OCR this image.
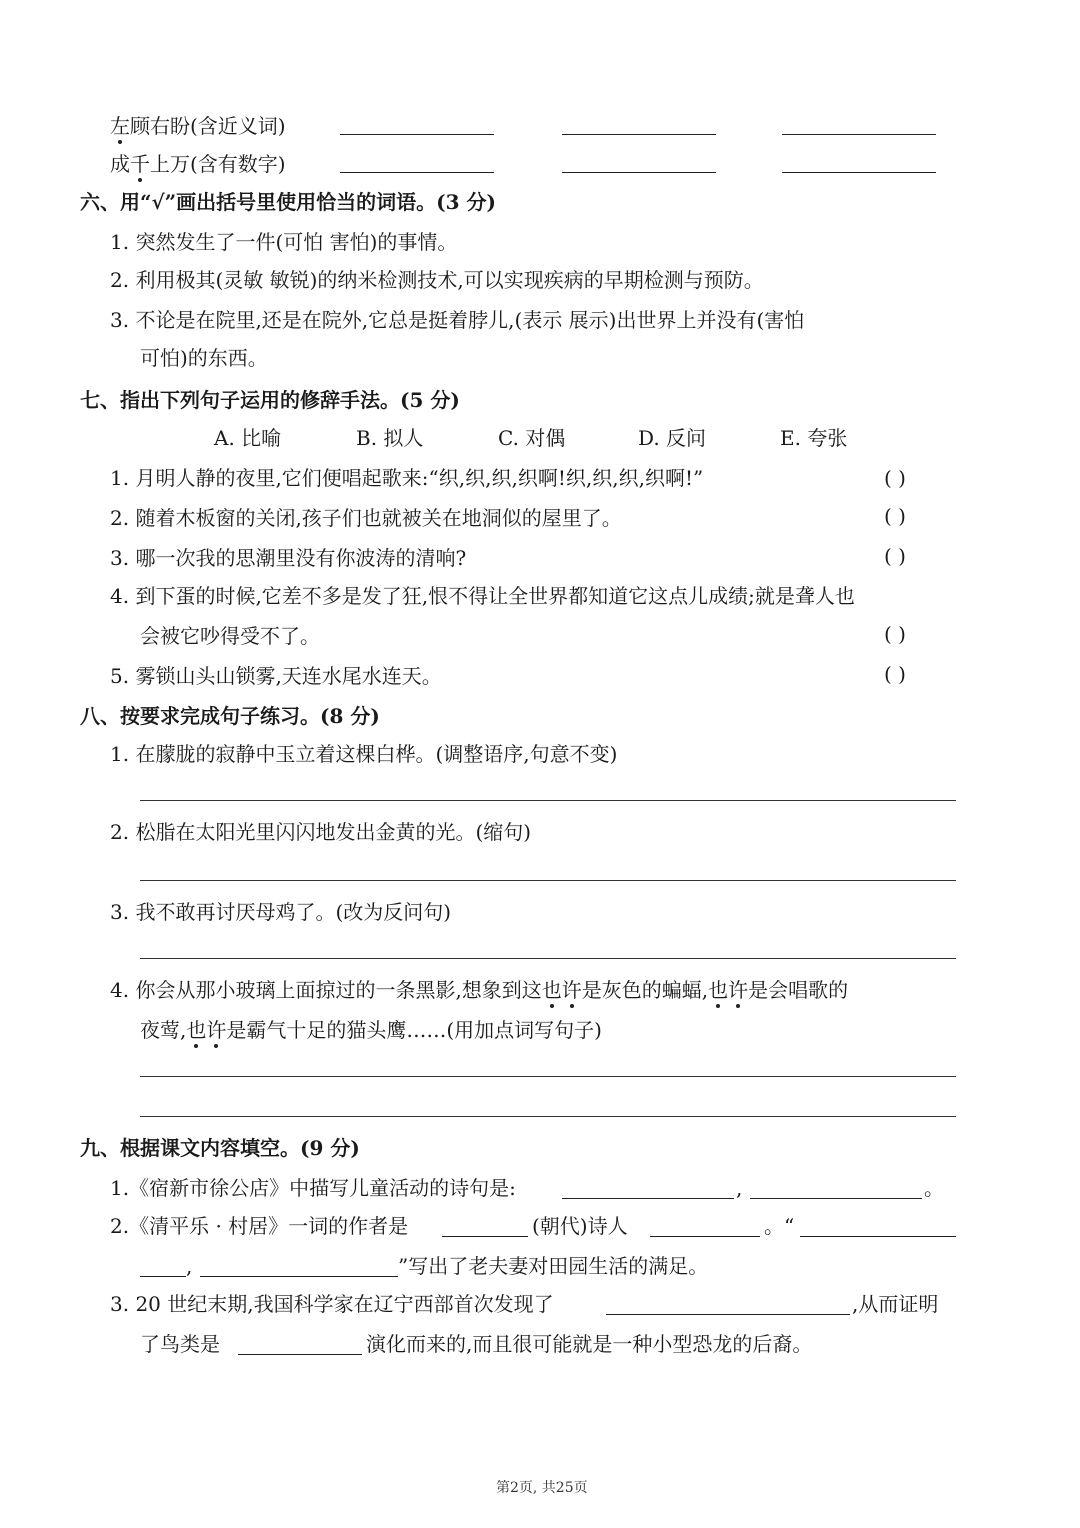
左顾右盼(含近义词)
成千上万(含有数字)
六、用“√”画出括号里使用恰当的词语。(3 分)
1. 突然发生了一件(可怕 害怕)的事情。
2. 利用极其(灵敏 敏锐)的纳米检测技术,可以实现疾病的早期检测与预防。
3. 不论是在院里,还是在院外,它总是挺着脖儿,(表示 展示)出世界上并没有(害怕
可怕)的东西。
七、指出下列句子运用的修辞手法。(5 分)
A. 比喻	B. 拟人	C. 对偶	D. 反问	E. 夸张
1. 月明人静的夜里,它们便唱起歌来:“织,织,织,织啊!织,织,织,织啊!”	( )
2. 随着木板窗的关闭,孩子们也就被关在地洞似的屋里了。	( )
3. 哪一次我的思潮里没有你波涛的清响?	( )
4. 到下蛋的时候,它差不多是发了狂,恨不得让全世界都知道它这点儿成绩;就是聋人也
会被它吵得受不了。	( )
5. 雾锁山头山锁雾,天连水尾水连天。	( )
八、按要求完成句子练习。(8 分)
1. 在朦胧的寂静中玉立着这棵白桦。(调整语序,句意不变)
2. 松脂在太阳光里闪闪地发出金黄的光。(缩句)
3. 我不敢再讨厌母鸡了。(改为反问句)
4. 你会从那小玻璃上面掠过的一条黑影,想象到这也许是灰色的蝙蝠,也许是会唱歌的
夜莺,也许是霸气十足的猫头鹰……(用加点词写句子)
九、根据课文内容填空。(9 分)
1.《宿新市徐公店》中描写儿童活动的诗句是:	,	。
2.《清平乐 · 村居》一词的作者是	(朝代)诗人	。“
,	”写出了老夫妻对田园生活的满足。
3. 20 世纪末期,我国科学家在辽宁西部首次发现了	,从而证明
了鸟类是	演化而来的,而且很可能就是一种小型恐龙的后裔。
第2页, 共25页
